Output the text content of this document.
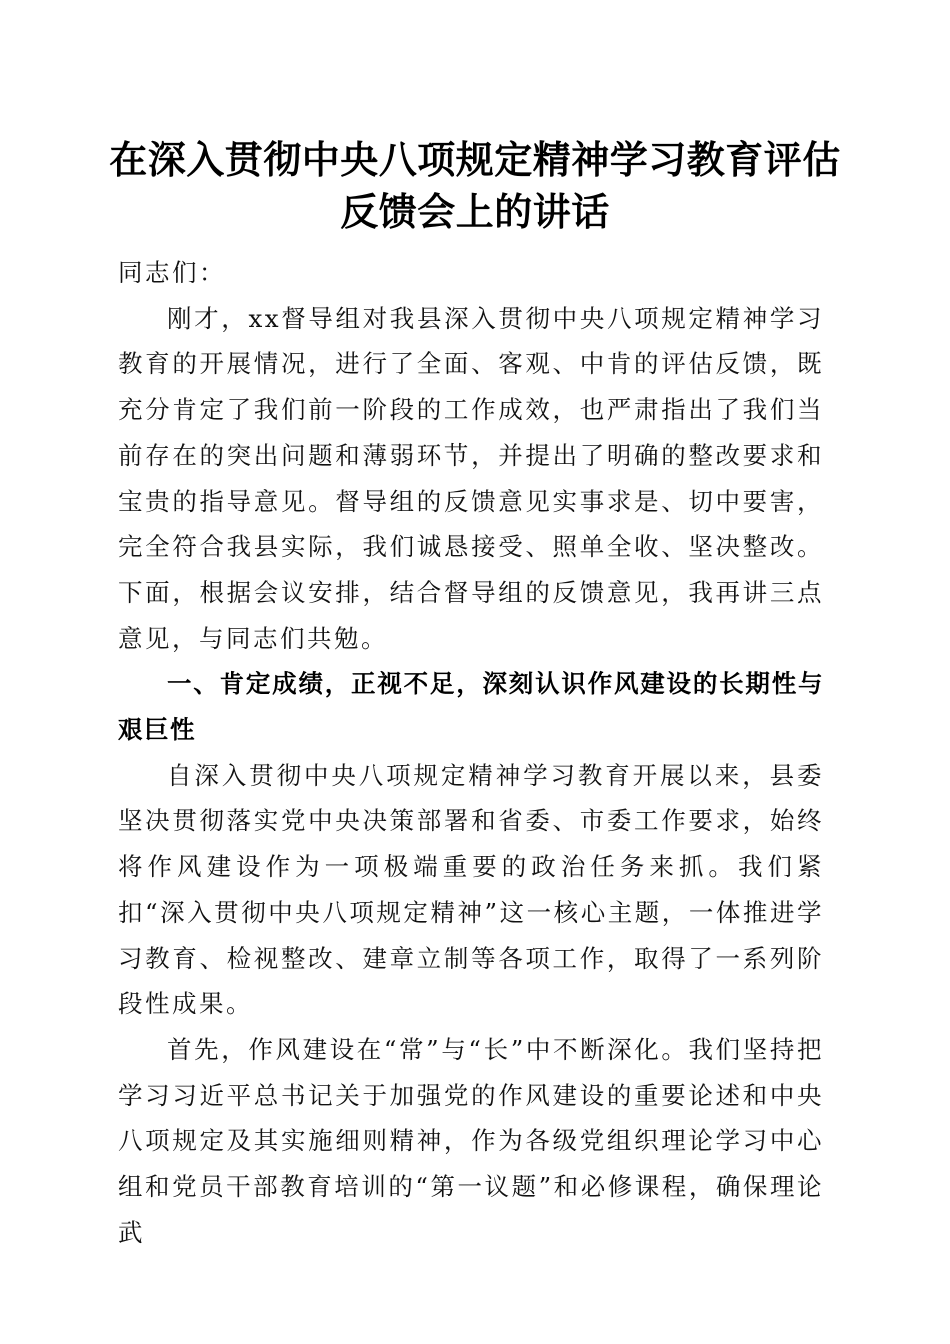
在深入贯彻中央八项规定精神学习教育评估反馈会上的讲话

同志们：

刚才，xx督导组对我县深入贯彻中央八项规定精神学习教育的开展情况，进行了全面、客观、中肯的评估反馈，既充分肯定了我们前一阶段的工作成效，也严肃指出了我们当前存在的突出问题和薄弱环节，并提出了明确的整改要求和宝贵的指导意见。督导组的反馈意见实事求是、切中要害，完全符合我县实际，我们诚恳接受、照单全收、坚决整改。下面，根据会议安排，结合督导组的反馈意见，我再讲三点意见，与同志们共勉。

一、肯定成绩，正视不足，深刻认识作风建设的长期性与艰巨性

自深入贯彻中央八项规定精神学习教育开展以来，县委坚决贯彻落实党中央决策部署和省委、市委工作要求，始终将作风建设作为一项极端重要的政治任务来抓。我们紧扣“深入贯彻中央八项规定精神”这一核心主题，一体推进学习教育、检视整改、建章立制等各项工作，取得了一系列阶段性成果。

首先，作风建设在“常”与“长”中不断深化。我们坚持把学习习近平总书记关于加强党的作风建设的重要论述和中央八项规定及其实施细则精神，作为各级党组织理论学习中心组和党员干部教育培训的“第一议题”和必修课程，确保理论武
